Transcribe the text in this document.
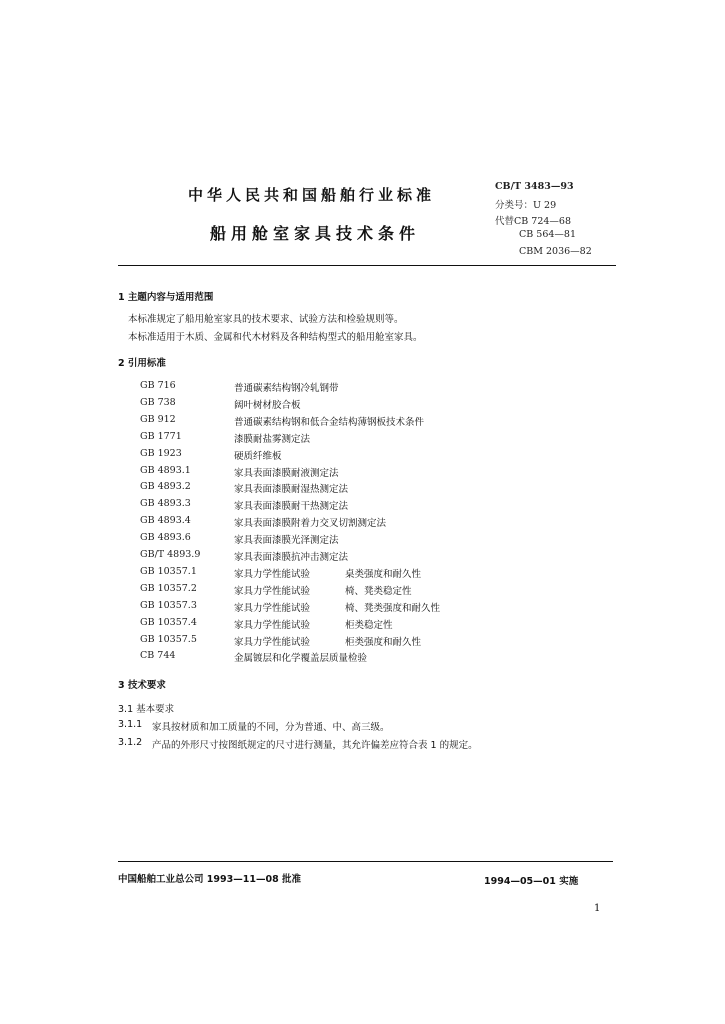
中华人民共和国船舶行业标准
船用舱室家具技术条件
CB/T 3483—93
分类号：U 29
代替CB 724—68
CB 564—81
CBM 2036—82
1 主题内容与适用范围
本标准规定了船用舱室家具的技术要求、试验方法和检验规则等。
本标准适用于木质、金属和代木材料及各种结构型式的船用舱室家具。
2 引用标准
GB 716	普通碳素结构钢冷轧钢带
GB 738	阔叶树材胶合板
GB 912	普通碳素结构钢和低合金结构薄钢板技术条件
GB 1771	漆膜耐盐雾测定法
GB 1923	硬质纤维板
GB 4893.1	家具表面漆膜耐液测定法
GB 4893.2	家具表面漆膜耐湿热测定法
GB 4893.3	家具表面漆膜耐干热测定法
GB 4893.4	家具表面漆膜附着力交叉切割测定法
GB 4893.6	家具表面漆膜光泽测定法
GB/T 4893.9	家具表面漆膜抗冲击测定法
GB 10357.1	家具力学性能试验	桌类强度和耐久性
GB 10357.2	家具力学性能试验	椅、凳类稳定性
GB 10357.3	家具力学性能试验	椅、凳类强度和耐久性
GB 10357.4	家具力学性能试验	柜类稳定性
GB 10357.5	家具力学性能试验	柜类强度和耐久性
CB 744	金属镀层和化学覆盖层质量检验
3 技术要求
3.1 基本要求
3.1.1 家具按材质和加工质量的不同，分为普通、中、高三级。
3.1.2 产品的外形尺寸按图纸规定的尺寸进行测量，其允许偏差应符合表 1 的规定。
中国船舶工业总公司 1993—11—08 批准	1994—05—01 实施
1
